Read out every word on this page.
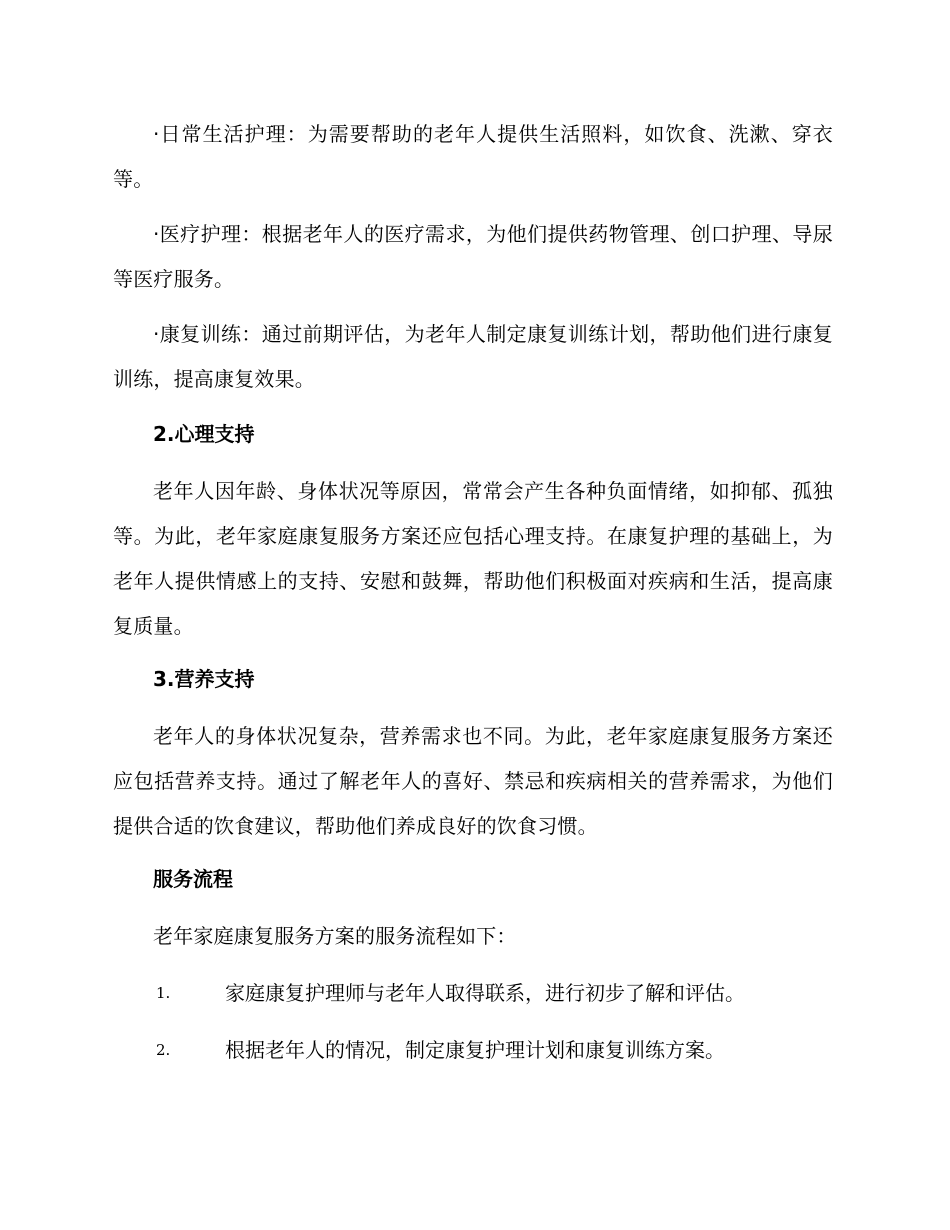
·日常生活护理：为需要帮助的老年人提供生活照料，如饮食、洗漱、穿衣等。

·医疗护理：根据老年人的医疗需求，为他们提供药物管理、创口护理、导尿等医疗服务。

·康复训练：通过前期评估，为老年人制定康复训练计划，帮助他们进行康复训练，提高康复效果。

2.心理支持

老年人因年龄、身体状况等原因，常常会产生各种负面情绪，如抑郁、孤独等。为此，老年家庭康复服务方案还应包括心理支持。在康复护理的基础上，为老年人提供情感上的支持、安慰和鼓舞，帮助他们积极面对疾病和生活，提高康复质量。

3.营养支持

老年人的身体状况复杂，营养需求也不同。为此，老年家庭康复服务方案还应包括营养支持。通过了解老年人的喜好、禁忌和疾病相关的营养需求，为他们提供合适的饮食建议，帮助他们养成良好的饮食习惯。

服务流程

老年家庭康复服务方案的服务流程如下：

1.	家庭康复护理师与老年人取得联系，进行初步了解和评估。
2.	根据老年人的情况，制定康复护理计划和康复训练方案。
